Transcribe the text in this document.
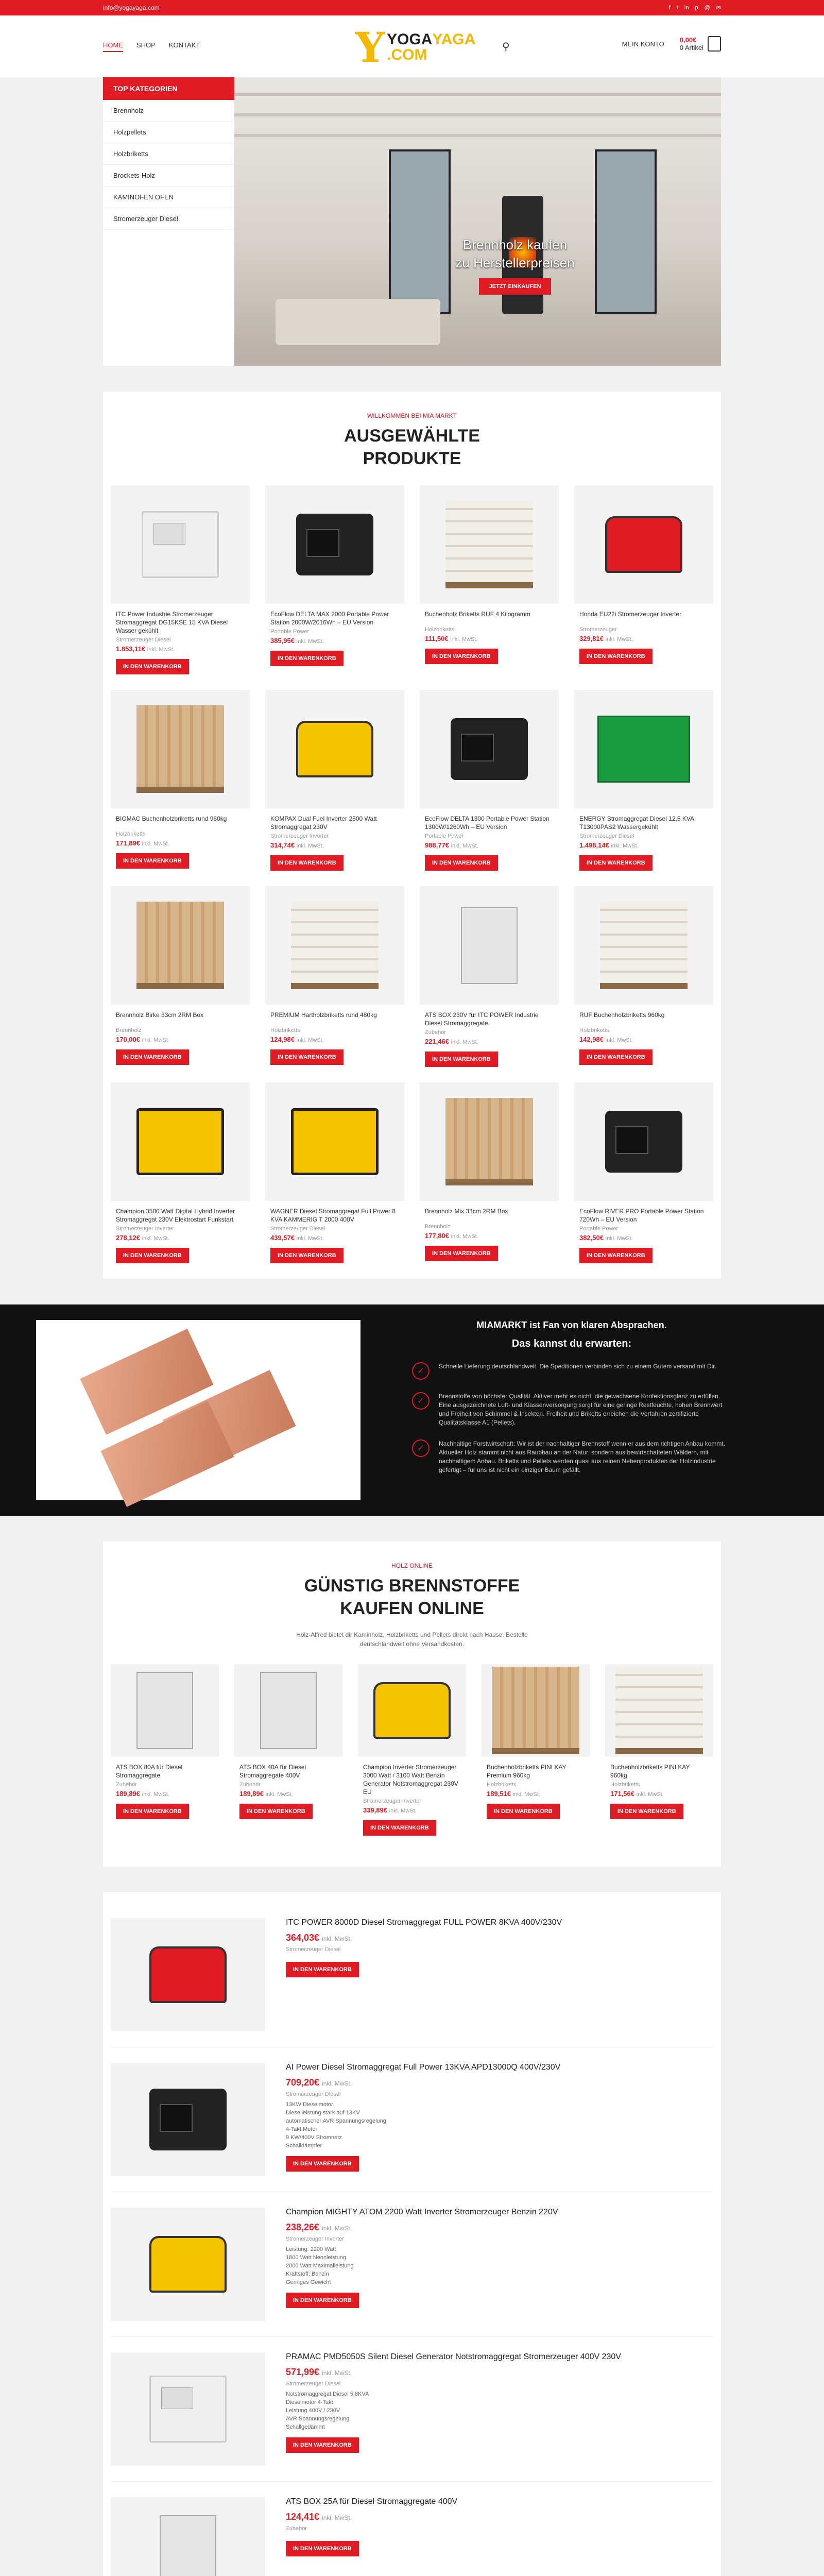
info@yogayaga.com	f t in p @ ✉
HOME SHOP KONTAKT	Y YOGAYAGA
.COM	⚲	MEIN KONTO 0,00€
0 Artikel
TOP KATEGORIEN
Brennholz
Holzpellets
Holzbriketts
Brockets-Holz
KAMINOFEN OFEN
Stromerzeuger Diesel
Brennholz kaufen
zu Herstellerpreisen
JETZT EINKAUFEN
WILLKOMMEN BEI MIA MARKT
AUSGEWÄHLTE
PRODUKTE
ITC Power Industrie Stromerzeuger Stromaggregat DG15KSE 15 KVA Diesel Wasser gekühlt
Stromerzeuger Diesel
1.853,11€ inkl. MwSt.
IN DEN WARENKORB
EcoFlow DELTA MAX 2000 Portable Power Station 2000W/2016Wh – EU Version
Portable Power
385,95€ inkl. MwSt.
IN DEN WARENKORB
Buchenholz Briketts RUF 4 Kilogramm
Holzbriketts
111,50€ inkl. MwSt.
IN DEN WARENKORB
Honda EU22i Stromerzeuger Inverter
Stromerzeuger
329,81€ inkl. MwSt.
IN DEN WARENKORB
BIOMAC Buchenholzbriketts rund 960kg
Holzbriketts
171,89€ inkl. MwSt.
IN DEN WARENKORB
KOMPAX Dual Fuel Inverter 2500 Watt Stromaggregat 230V
Stromerzeuger Inverter
314,74€ inkl. MwSt.
IN DEN WARENKORB
EcoFlow DELTA 1300 Portable Power Station 1300W/1260Wh – EU Version
Portable Power
988,77€ inkl. MwSt.
IN DEN WARENKORB
ENERGY Stromaggregat Diesel 12,5 KVA T13000PAS2 Wassergekühlt
Stromerzeuger Diesel
1.498,14€ inkl. MwSt.
IN DEN WARENKORB
Brennholz Birke 33cm 2RM Box
Brennholz
170,00€ inkl. MwSt.
IN DEN WARENKORB
PREMIUM Hartholzbriketts rund 480kg
Holzbriketts
124,98€ inkl. MwSt.
IN DEN WARENKORB
ATS BOX 230V für ITC POWER Industrie Diesel Stromaggregate
Zubehör
221,46€ inkl. MwSt.
IN DEN WARENKORB
RUF Buchenholzbriketts 960kg
Holzbriketts
142,98€ inkl. MwSt.
IN DEN WARENKORB
Champion 3500 Watt Digital Hybrid Inverter Stromaggregat 230V Elektrostart Funkstart
Stromerzeuger Inverter
278,12€ inkl. MwSt.
IN DEN WARENKORB
WAGNER Diesel Stromaggregat Full Power 8 KVA KAMMERIG T 2000 400V
Stromerzeuger Diesel
439,57€ inkl. MwSt.
IN DEN WARENKORB
Brennholz Mix 33cm 2RM Box
Brennholz
177,80€ inkl. MwSt.
IN DEN WARENKORB
EcoFlow RIVER PRO Portable Power Station 720Wh – EU Version
Portable Power
382,50€ inkl. MwSt.
IN DEN WARENKORB
MIAMARKT ist Fan von klaren Absprachen.
Das kannst du erwarten:
✓

Schnelle Lieferung deutschlandweit. Die Speditionen verbinden sich zu einem Gutem versand mit Dir.

✓

Brennstoffe von höchster Qualität. Aktiver mehr es nicht, die gewachsene Konfektionsglanz zu erfüllen. Eine ausgezeichnete Luft- und Klassenversorgung sorgt für eine geringe Restfeuchte, hohen Brennwert und Freiheit von Schimmel & Insekten. Freiheit und Briketts erreichen die Verfahren zertifizierte Qualitätsklasse A1 (Pellets).

✓

Nachhaltige Forstwirtschaft: Wir ist der nachhaltiger Brennstoff wenn er aus dem richtigen Anbau kommt. Aktueller Holz stammt nicht aus Raubbau an der Natur, sondern aus bewirtschafteten Wäldern, mit nachhaltigem Anbau. Briketts und Pellets werden quasi aus reinen Nebenprodukten der Holzindustrie gefertigt – für uns ist nicht ein einziger Baum gefällt.

HOLZ ONLINE
GÜNSTIG BRENNSTOFFE
KAUFEN ONLINE

Holz-Alfred bietet dir Kaminholz, Holzbriketts und Pellets direkt nach Hause. Bestelle deutschlandweit ohne Versandkosten.

ATS BOX 80A für Diesel Stromaggregate
Zubehör
189,89€ inkl. MwSt.
IN DEN WARENKORB
ATS BOX 40A für Diesel Stromaggregate 400V
Zubehör
189,89€ inkl. MwSt.
IN DEN WARENKORB
Champion Inverter Stromerzeuger 3000 Watt / 3100 Watt Benzin Generator Notstromaggregat 230V EU
Stromerzeuger Inverter
339,89€ inkl. MwSt.
IN DEN WARENKORB
Buchenholzbriketts PINI KAY Premium 960kg
Holzbriketts
189,51€ inkl. MwSt.
IN DEN WARENKORB
Buchenholzbriketts PINI KAY 960kg
Holzbriketts
171,56€ inkl. MwSt.
IN DEN WARENKORB
ITC POWER 8000D Diesel Stromaggregat FULL POWER 8KVA 400V/230V
364,03€ inkl. MwSt.
Stromerzeuger Diesel
IN DEN WARENKORB
AI Power Diesel Stromaggregat Full Power 13KVA APD13000Q 400V/230V
709,20€ inkl. MwSt.
Stromerzeuger Diesel
13KW Dieselmotor
Dieselleistung stark auf 13KV
automatischer AVR Spannungsregelung
4-Takt Motor
9 KW/400V Stromnetz
Schalldämpfer
IN DEN WARENKORB
Champion MIGHTY ATOM 2200 Watt Inverter Stromerzeuger Benzin 220V
238,26€ inkl. MwSt.
Stromerzeuger Inverter
Leistung: 2200 Watt
1800 Watt Nennleistung
2000 Watt Maximalleistung
Kraftstoff: Benzin
Geringes Gewicht
IN DEN WARENKORB
PRAMAC PMD5050S Silent Diesel Generator Notstromaggregat Stromerzeuger 400V 230V
571,99€ inkl. MwSt.
Stromerzeuger Diesel
Notstromaggregat Diesel 5,8KVA
Dieselmotor 4-Takt
Leistung 400V / 230V
AVR Spannungsregelung
Schallgedämmt
IN DEN WARENKORB
ATS BOX 25A für Diesel Stromaggregate 400V
124,41€ inkl. MwSt.
Zubehör
IN DEN WARENKORB
